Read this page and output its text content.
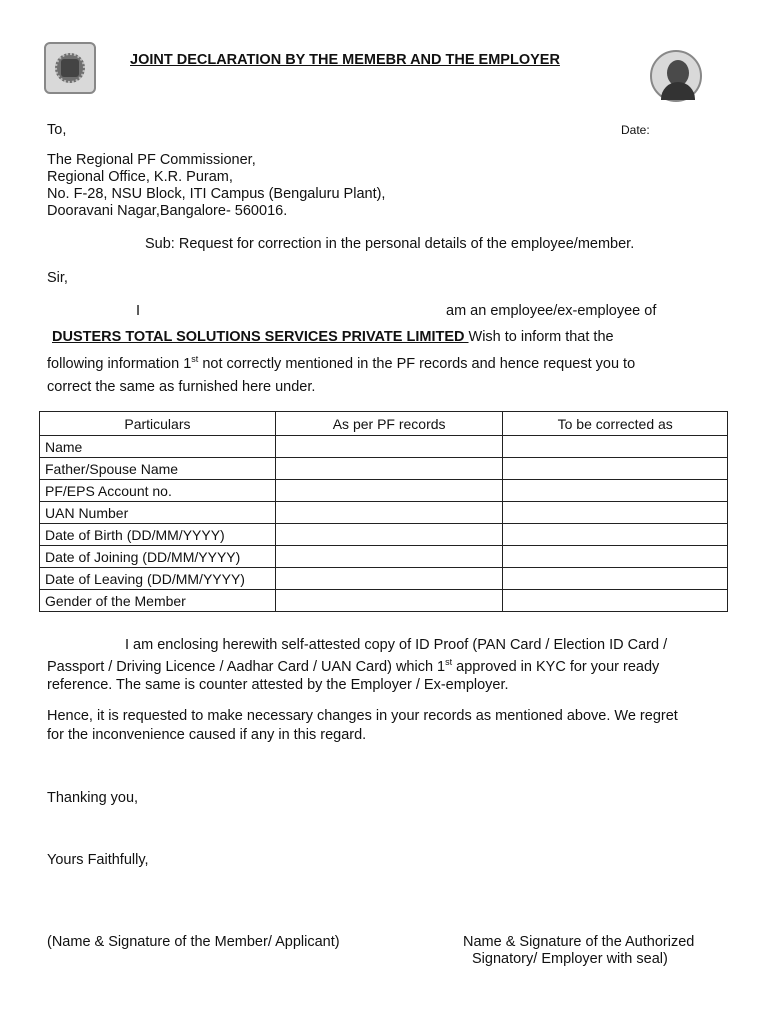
JOINT DECLARATION BY THE MEMEBR AND THE EMPLOYER
To,	Date:
The Regional PF Commissioner,
Regional Office, K.R. Puram,
No. F-28, NSU Block, ITI Campus (Bengaluru Plant),
Dooravani Nagar,Bangalore- 560016.
Sub: Request for correction in the personal details of the employee/member.
Sir,
I	am an employee/ex-employee of
DUSTERS TOTAL SOLUTIONS SERVICES PRIVATE LIMITED Wish to inform that the
following information 1st not correctly mentioned in the PF records and hence request you to
correct the same as furnished here under.
Particulars	As per PF records	To be corrected as
Name		
Father/Spouse Name		
PF/EPS Account no.		
UAN Number		
Date of Birth (DD/MM/YYYY)		
Date of Joining (DD/MM/YYYY)		
Date of Leaving (DD/MM/YYYY)		
Gender of the Member		
I am enclosing herewith self-attested copy of ID Proof (PAN Card / Election ID Card /
Passport / Driving Licence / Aadhar Card / UAN Card) which 1st approved in KYC for your ready
reference. The same is counter attested by the Employer / Ex-employer.
Hence, it is requested to make necessary changes in your records as mentioned above. We regret
for the inconvenience caused if any in this regard.
Thanking you,
Yours Faithfully,
(Name & Signature of the Member/ Applicant)	Name & Signature of the Authorized
Signatory/ Employer with seal)
